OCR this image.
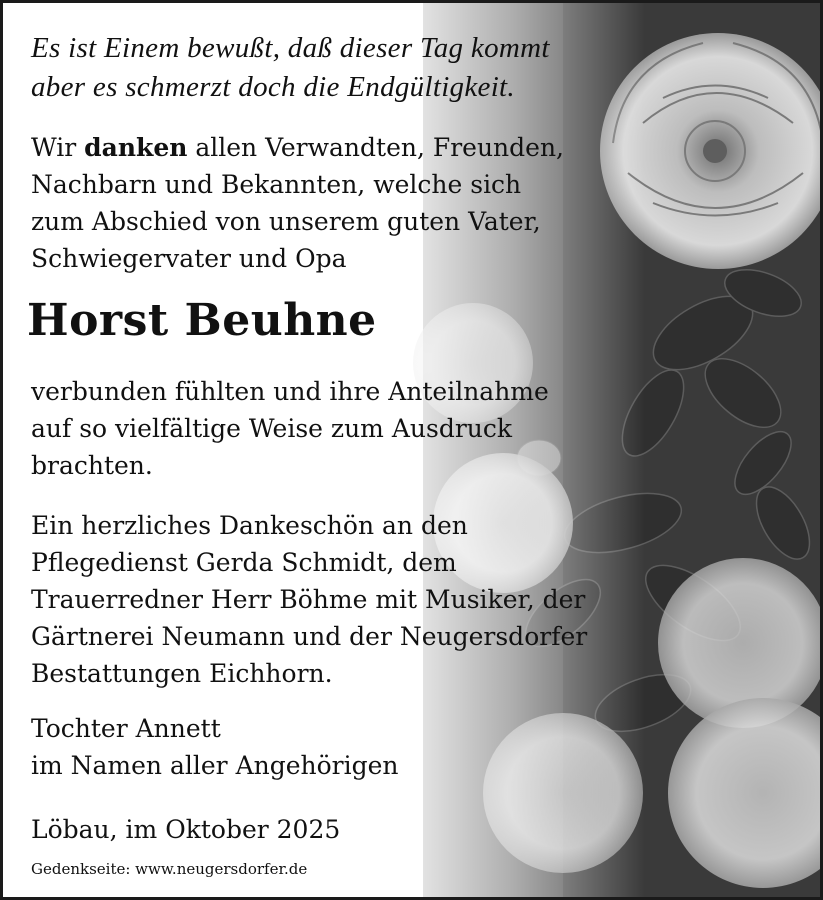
Es ist Einem bewußt, daß dieser Tag kommt
aber es schmerzt doch die Endgültigkeit.
Wir danken allen Verwandten, Freunden,
Nachbarn und Bekannten, welche sich
zum Abschied von unserem guten Vater,
Schwiegervater und Opa
Horst Beuhne
verbunden fühlten und ihre Anteilnahme
auf so vielfältige Weise zum Ausdruck
brachten.
Ein herzliches Dankeschön an den
Pflegedienst Gerda Schmidt, dem
Trauerredner Herr Böhme mit Musiker, der
Gärtnerei Neumann und der Neugersdorfer
Bestattungen Eichhorn.
Tochter Annett
im Namen aller Angehörigen
Löbau, im Oktober 2025
Gedenkseite: www.neugersdorfer.de
